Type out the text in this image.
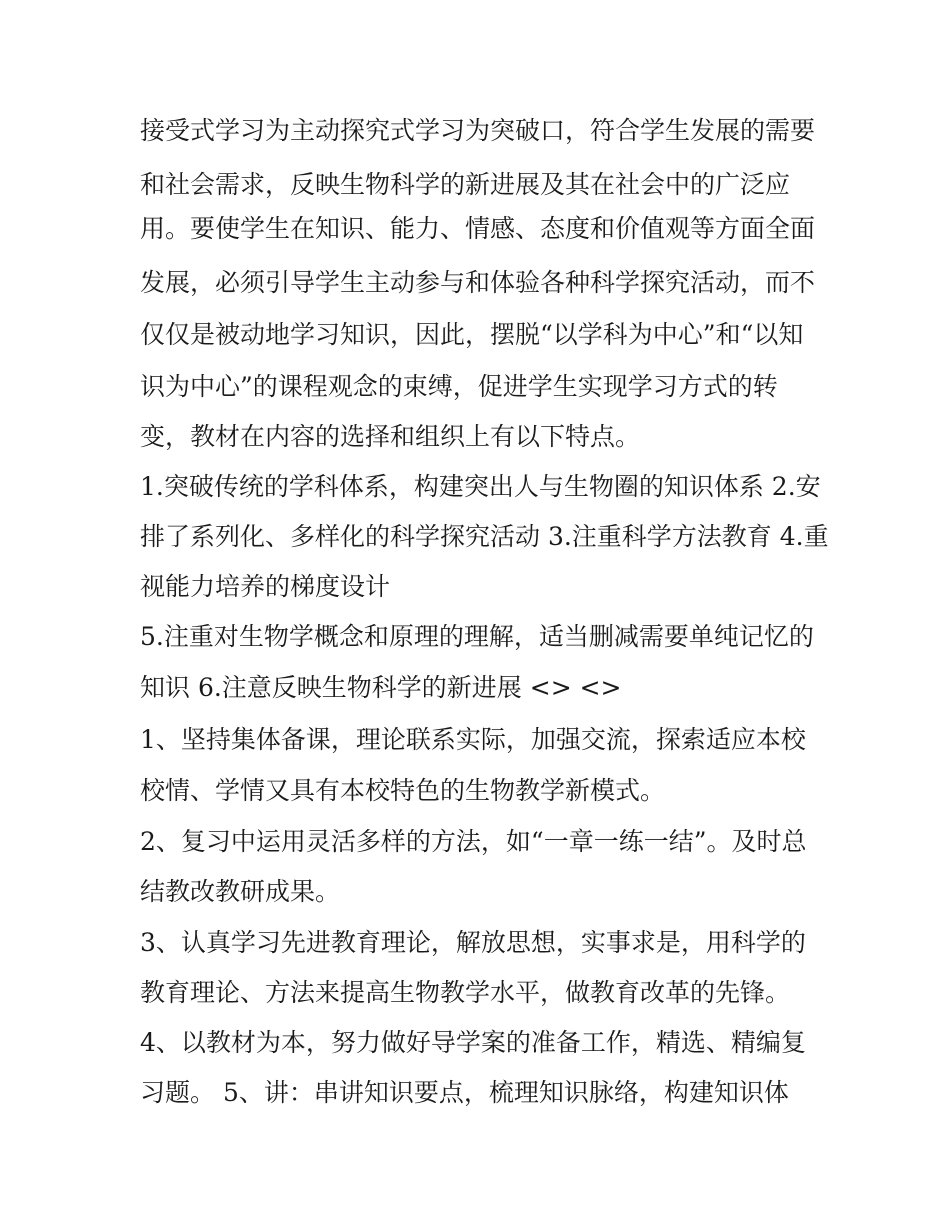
接受式学习为主动探究式学习为突破口，符合学生发展的需要

和社会需求，反映生物科学的新进展及其在社会中的广泛应

用。要使学生在知识、能力、情感、态度和价值观等方面全面

发展，必须引导学生主动参与和体验各种科学探究活动，而不

仅仅是被动地学习知识，因此，摆脱“以学科为中心”和“以知

识为中心”的课程观念的束缚，促进学生实现学习方式的转

变，教材在内容的选择和组织上有以下特点。

1.突破传统的学科体系，构建突出人与生物圈的知识体系 2.安

排了系列化、多样化的科学探究活动 3.注重科学方法教育 4.重

视能力培养的梯度设计

5.注重对生物学概念和原理的理解，适当删减需要单纯记忆的

知识 6.注意反映生物科学的新进展 <> <>

1、坚持集体备课，理论联系实际，加强交流，探索适应本校

校情、学情又具有本校特色的生物教学新模式。

2、复习中运用灵活多样的方法，如“一章一练一结”。及时总

结教改教研成果。

3、认真学习先进教育理论，解放思想，实事求是，用科学的

教育理论、方法来提高生物教学水平，做教育改革的先锋。

4、以教材为本，努力做好导学案的准备工作，精选、精编复

习题。 5、讲：串讲知识要点，梳理知识脉络，构建知识体
